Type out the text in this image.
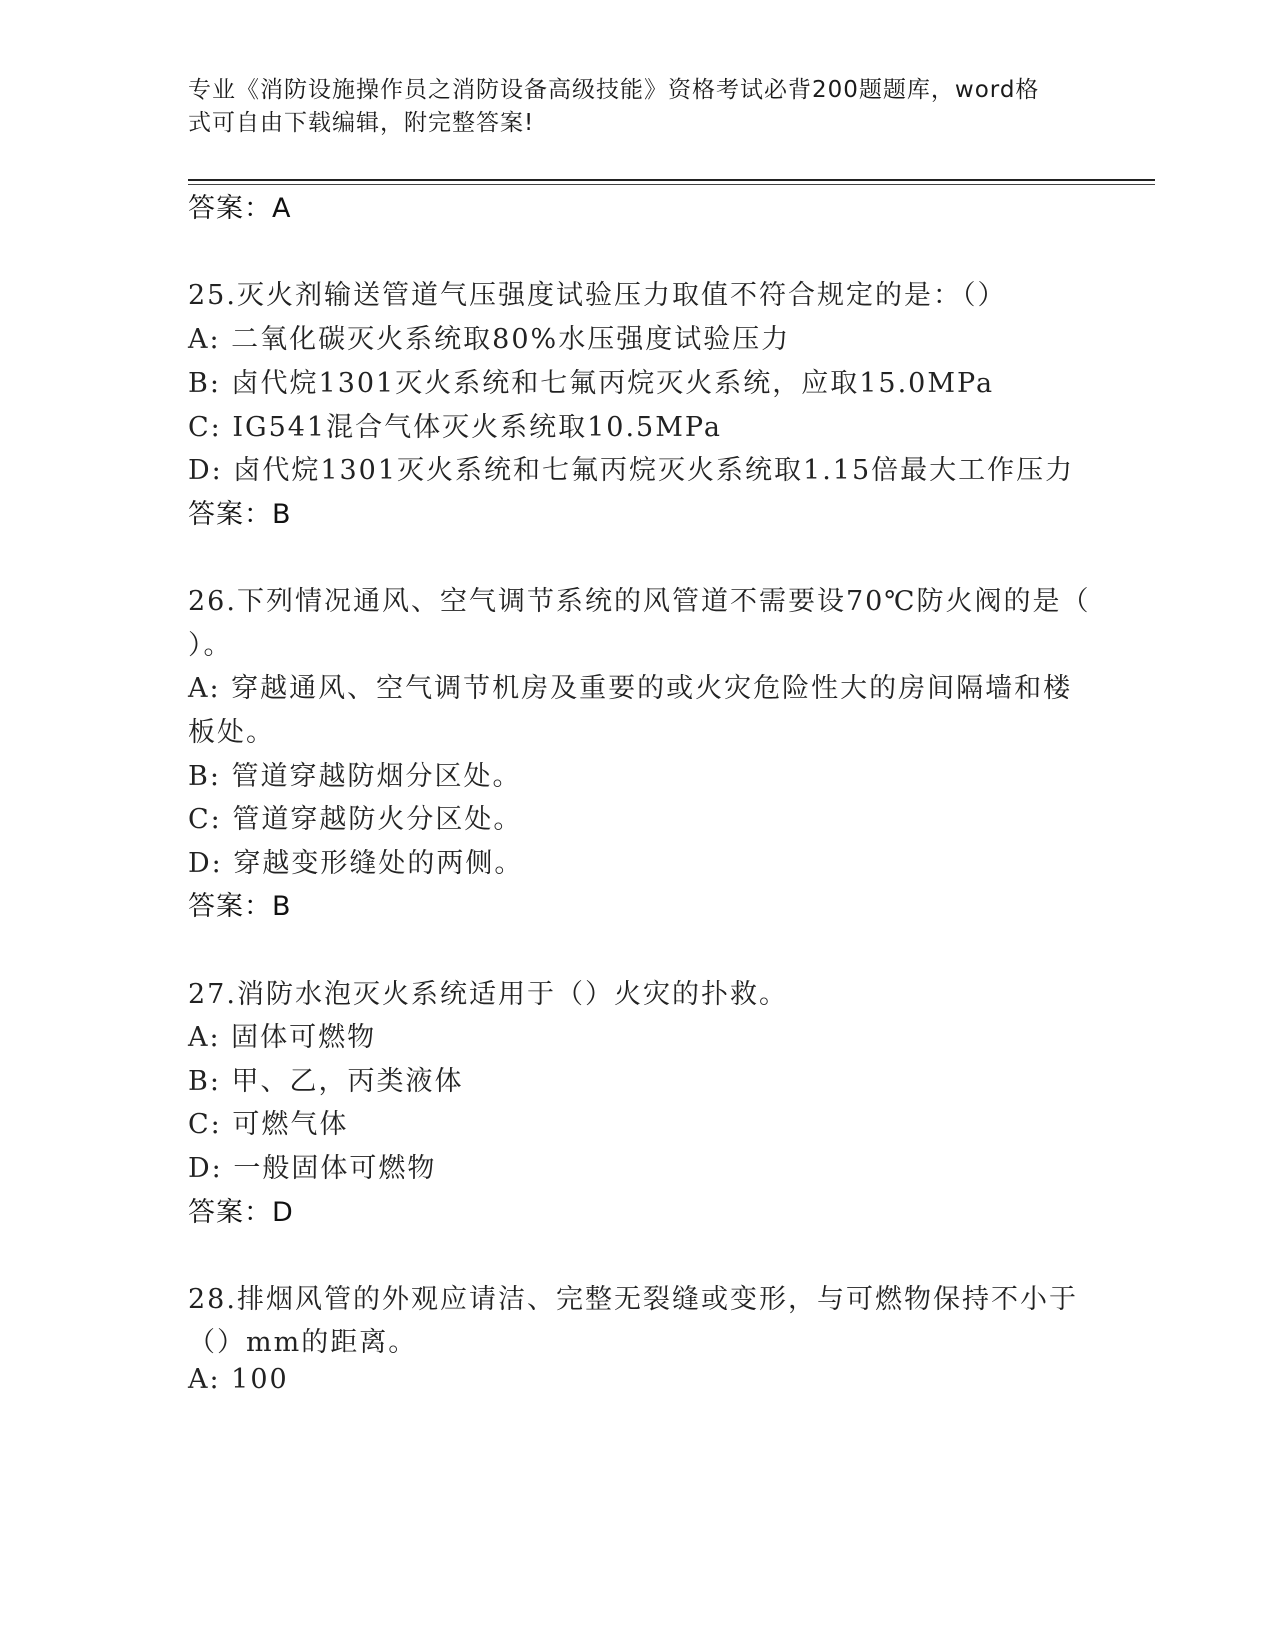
专业《消防设施操作员之消防设备高级技能》资格考试必背200题题库，word格
式可自由下载编辑，附完整答案!
答案：A
25.灭火剂输送管道气压强度试验压力取值不符合规定的是：（）
A: 二氧化碳灭火系统取80%水压强度试验压力
B: 卤代烷1301灭火系统和七氟丙烷灭火系统，应取15.0MPa
C: IG541混合气体灭火系统取10.5MPa
D: 卤代烷1301灭火系统和七氟丙烷灭火系统取1.15倍最大工作压力
答案：B
26.下列情况通风、空气调节系统的风管道不需要设70℃防火阀的是（
）。
A: 穿越通风、空气调节机房及重要的或火灾危险性大的房间隔墙和楼
板处。
B: 管道穿越防烟分区处。
C: 管道穿越防火分区处。
D: 穿越变形缝处的两侧。
答案：B
27.消防水泡灭火系统适用于（）火灾的扑救。
A: 固体可燃物
B: 甲、乙，丙类液体
C: 可燃气体
D: 一般固体可燃物
答案：D
28.排烟风管的外观应请洁、完整无裂缝或变形，与可燃物保持不小于
（）mm的距离。
A: 100
